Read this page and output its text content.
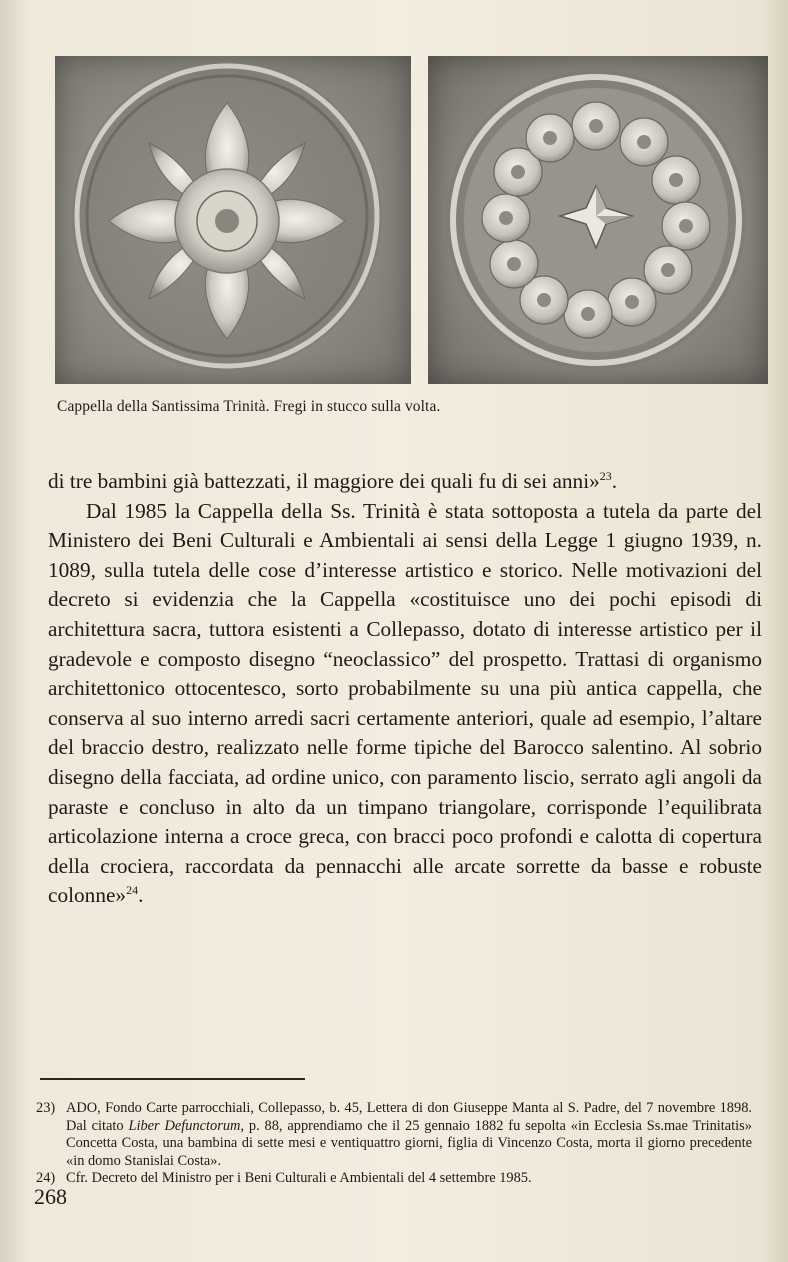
Cappella della Santissima Trinità. Fregi in stucco sulla volta.

di tre bambini già battezzati, il maggiore dei quali fu di sei anni»$^{23}$.

Dal 1985 la Cappella della Ss. Trinità è stata sottoposta a tutela da parte del Ministero dei Beni Culturali e Ambientali ai sensi della Legge 1 giugno 1939, n. 1089, sulla tutela delle cose d’interesse artistico e storico. Nelle motivazioni del decreto si evidenzia che la Cappella «costituisce uno dei pochi episodi di architettura sacra, tuttora esistenti a Collepasso, dotato di interesse artistico per il gradevole e composto disegno “neoclassico” del prospetto. Trattasi di organismo architettonico ottocentesco, sorto probabilmente su una più antica cappella, che conserva al suo interno arredi sacri certamente anteriori, quale ad esempio, l’altare del braccio destro, realizzato nelle forme tipiche del Barocco salentino. Al sobrio disegno della facciata, ad ordine unico, con paramento liscio, serrato agli angoli da paraste e concluso in alto da un timpano triangolare, corrisponde l’equilibrata articolazione interna a croce greca, con bracci poco profondi e calotta di copertura della crociera, raccordata da pennacchi alle arcate sorrette da basse e robuste colonne»$^{24}$.

23) ADO, Fondo Carte parrocchiali, Collepasso, b. 45, Lettera di don Giuseppe Manta al S. Padre, del 7 novembre 1898. Dal citato Liber Defunctorum, p. 88, apprendiamo che il 25 gennaio 1882 fu sepolta «in Ecclesia Ss.mae Trinitatis» Concetta Costa, una bambina di sette mesi e ventiquattro giorni, figlia di Vincenzo Costa, morta il giorno precedente «in domo Stanislai Costa».
24) Cfr. Decreto del Ministro per i Beni Culturali e Ambientali del 4 settembre 1985.
268
